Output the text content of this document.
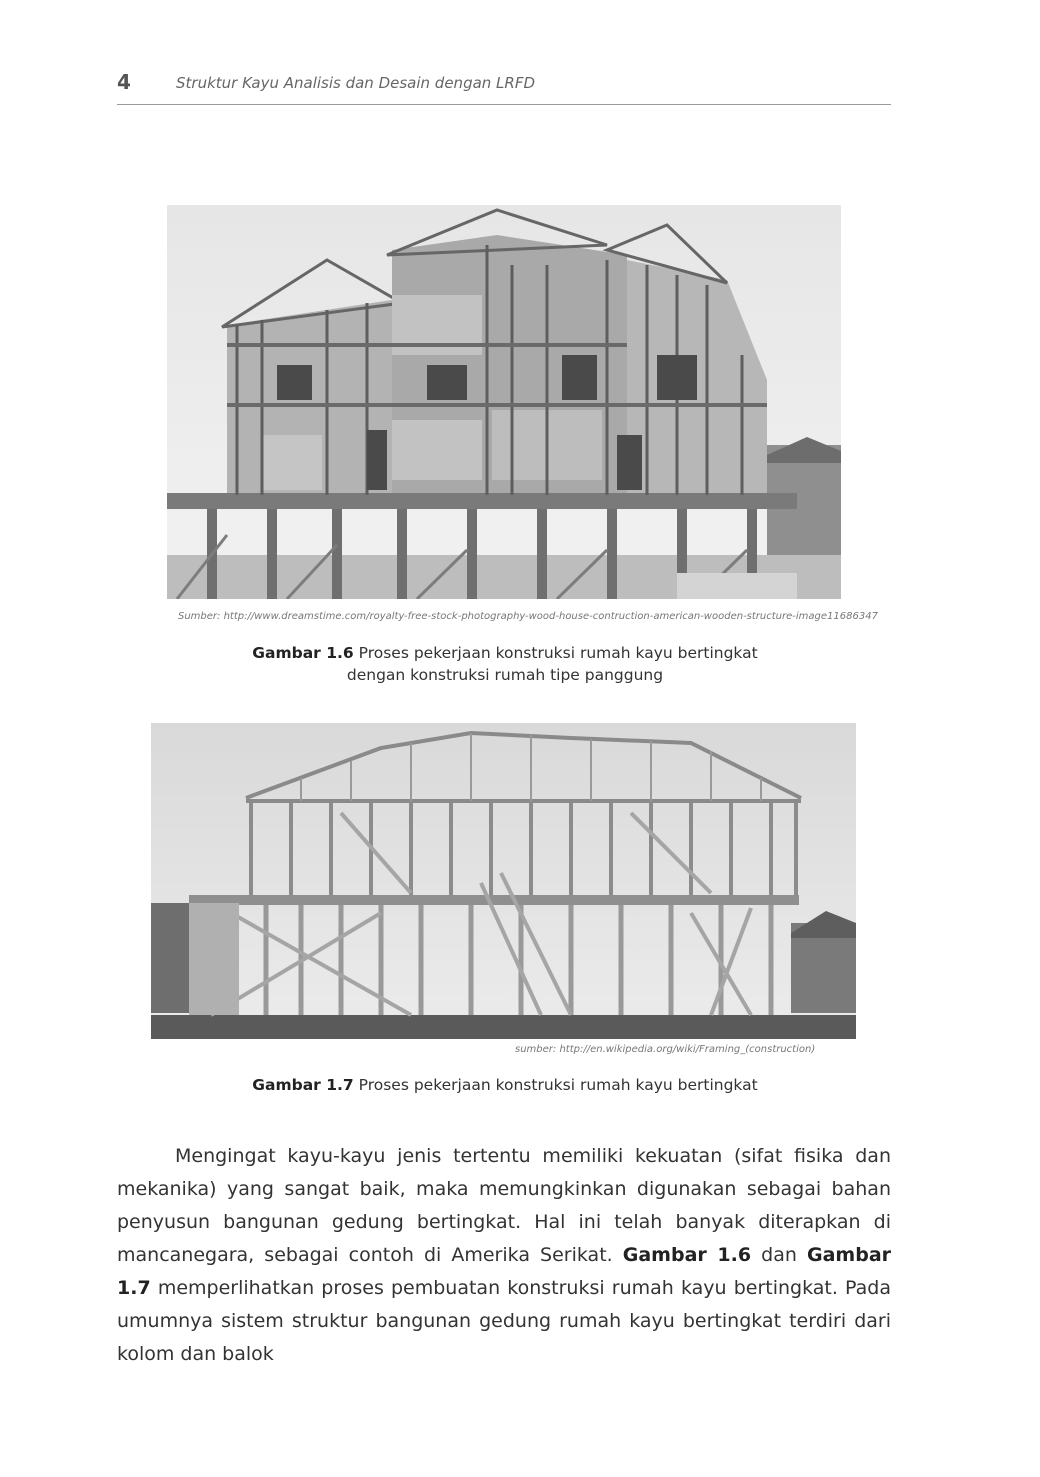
4	Struktur Kayu Analisis dan Desain dengan LRFD
Sumber: http://www.dreamstime.com/royalty-free-stock-photography-wood-house-contruction-american-wooden-structure-image11686347
Gambar 1.6 Proses pekerjaan konstruksi rumah kayu bertingkat
dengan konstruksi rumah tipe panggung
sumber: http://en.wikipedia.org/wiki/Framing_(construction)
Gambar 1.7 Proses pekerjaan konstruksi rumah kayu bertingkat

Mengingat kayu-kayu jenis tertentu memiliki kekuatan (sifat fisika dan mekanika) yang sangat baik, maka memungkinkan digunakan sebagai bahan penyusun bangunan gedung bertingkat. Hal ini telah banyak diterapkan di mancanegara, sebagai contoh di Amerika Serikat. Gambar 1.6 dan Gambar 1.7 memperlihatkan proses pembuatan konstruksi rumah kayu bertingkat. Pada umumnya sistem struktur bangunan gedung rumah kayu bertingkat terdiri dari kolom dan balok
